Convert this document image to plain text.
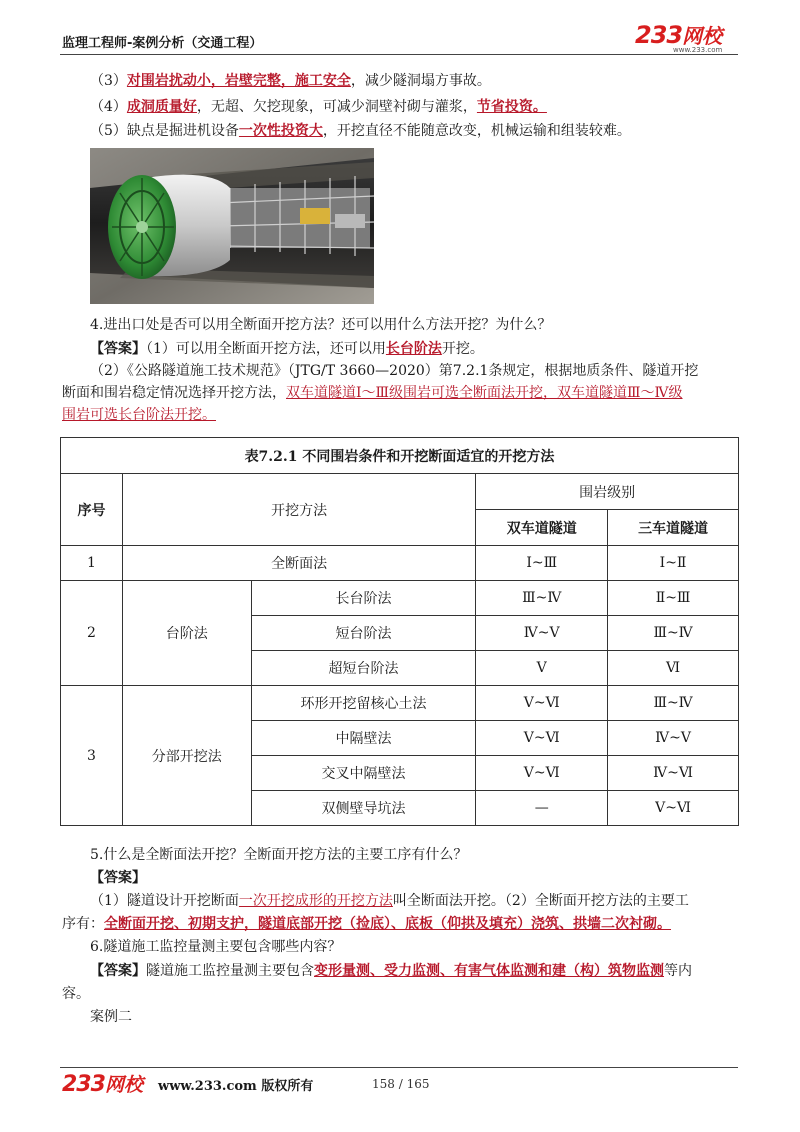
监理工程师-案例分析（交通工程）	233网校
www.233.com
（3）对围岩扰动小，岩壁完整，施工安全，减少隧洞塌方事故。
（4）成洞质量好，无超、欠挖现象，可减少洞壁衬砌与灌浆，节省投资。
（5）缺点是掘进机设备一次性投资大，开挖直径不能随意改变，机械运输和组装较难。
4.进出口处是否可以用全断面开挖方法？还可以用什么方法开挖？为什么？
【答案】（1）可以用全断面开挖方法，还可以用长台阶法开挖。
（2）《公路隧道施工技术规范》（JTG/T 3660—2020）第7.2.1条规定，根据地质条件、隧道开挖
断面和围岩稳定情况选择开挖方法，双车道隧道Ⅰ～Ⅲ级围岩可选全断面法开挖，双车道隧道Ⅲ～Ⅳ级
围岩可选长台阶法开挖。
表7.2.1 不同围岩条件和开挖断面适宜的开挖方法				
序号	开挖方法		围岩级别	
			双车道隧道	三车道隧道
1	全断面法		Ⅰ~Ⅲ	Ⅰ~Ⅱ
2	台阶法	长台阶法	Ⅲ~Ⅳ	Ⅱ~Ⅲ
		短台阶法	Ⅳ~Ⅴ	Ⅲ~Ⅳ
		超短台阶法	Ⅴ	Ⅵ
3	分部开挖法	环形开挖留核心土法	Ⅴ~Ⅵ	Ⅲ~Ⅳ
		中隔壁法	Ⅴ~Ⅵ	Ⅳ~Ⅴ
		交叉中隔壁法	Ⅴ~Ⅵ	Ⅳ~Ⅵ
		双侧壁导坑法	—	Ⅴ~Ⅵ
5.什么是全断面法开挖？全断面开挖方法的主要工序有什么？
【答案】
（1）隧道设计开挖断面一次开挖成形的开挖方法叫全断面法开挖。（2）全断面开挖方法的主要工
序有：全断面开挖、初期支护，隧道底部开挖（捡底）、底板（仰拱及填充）浇筑、拱墙二次衬砌。
6.隧道施工监控量测主要包含哪些内容？
【答案】隧道施工监控量测主要包含变形量测、受力监测、有害气体监测和建（构）筑物监测等内
容。
案例二
233网校 www.233.com 版权所有	158 / 165
